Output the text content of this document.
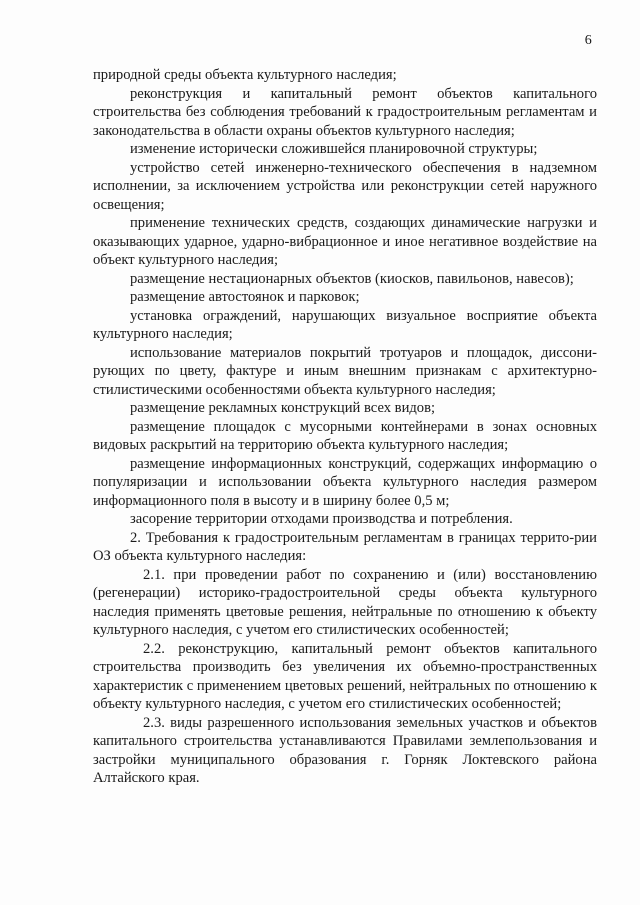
6

природной среды объекта культурного наследия;

реконструкция и капитальный ремонт объектов капитального строительства без соблюдения требований к градостроительным регламентам и законодательства в области охраны объектов культурного наследия;

изменение исторически сложившейся планировочной структуры;

устройство сетей инженерно-технического обеспечения в надземном исполнении, за исключением устройства или реконструкции сетей наружного освещения;

применение технических средств, создающих динамические нагрузки и оказывающих ударное, ударно-вибрационное и иное негативное воздействие на объект культурного наследия;

размещение нестационарных объектов (киосков, павильонов, навесов);

размещение автостоянок и парковок;

установка ограждений, нарушающих визуальное восприятие объекта культурного наследия;

использование материалов покрытий тротуаров и площадок, диссони-рующих по цвету, фактуре и иным внешним признакам с архитектурно-стилистическими особенностями объекта культурного наследия;

размещение рекламных конструкций всех видов;

размещение площадок с мусорными контейнерами в зонах основных видовых раскрытий на территорию объекта культурного наследия;

размещение информационных конструкций, содержащих информацию о популяризации и использовании объекта культурного наследия размером информационного поля в высоту и в ширину более 0,5 м;

засорение территории отходами производства и потребления.

2. Требования к градостроительным регламентам в границах террито-рии ОЗ объекта культурного наследия:

2.1. при проведении работ по сохранению и (или) восстановлению (регенерации) историко-градостроительной среды объекта культурного наследия применять цветовые решения, нейтральные по отношению к объекту культурного наследия, с учетом его стилистических особенностей;

2.2. реконструкцию, капитальный ремонт объектов капитального строительства производить без увеличения их объемно-пространственных характеристик с применением цветовых решений, нейтральных по отношению к объекту культурного наследия, с учетом его стилистических особенностей;

2.3. виды разрешенного использования земельных участков и объектов капитального строительства устанавливаются Правилами землепользования и застройки муниципального образования г. Горняк Локтевского района Алтайского края.
